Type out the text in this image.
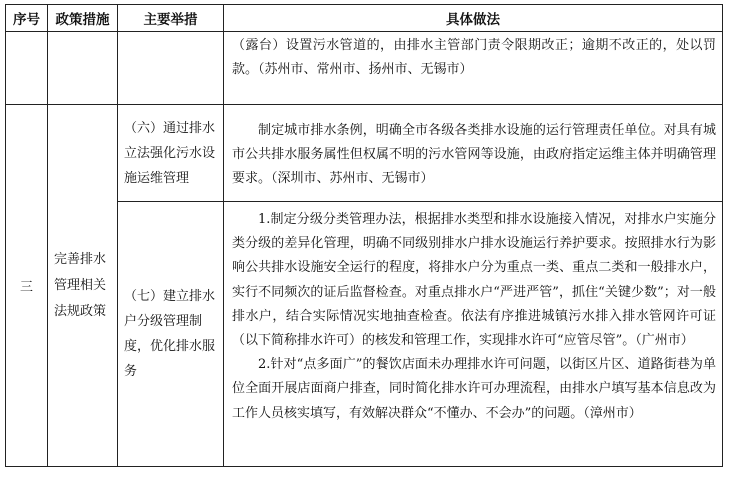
序号	政策措施	主要举措	具体做法

			（露台）设置污水管道的，由排水主管部门责令限期改正；逾期不改正的，处以罚款。（苏州市、常州市、扬州市、无锡市）

三	完善排水管理相关法规政策	（六）通过排水立法强化污水设施运维管理	制定城市排水条例，明确全市各级各类排水设施的运行管理责任单位。对具有城市公共排水服务属性但权属不明的污水管网等设施，由政府指定运维主体并明确管理要求。（深圳市、苏州市、无锡市）

		（七）建立排水户分级管理制度，优化排水服务	1.制定分级分类管理办法，根据排水类型和排水设施接入情况，对排水户实施分类分级的差异化管理，明确不同级别排水户排水设施运行养护要求。按照排水行为影响公共排水设施安全运行的程度，将排水户分为重点一类、重点二类和一般排水户，实行不同频次的证后监督检查。对重点排水户“严进严管”，抓住“关键少数”；对一般排水户，结合实际情况实地抽查检查。依法有序推进城镇污水排入排水管网许可证（以下简称排水许可）的核发和管理工作，实现排水许可“应管尽管”。（广州市）

2.针对“点多面广”的餐饮店面未办理排水许可问题，以街区片区、道路街巷为单位全面开展店面商户排查，同时简化排水许可办理流程，由排水户填写基本信息改为工作人员核实填写，有效解决群众“不懂办、不会办”的问题。（漳州市）
